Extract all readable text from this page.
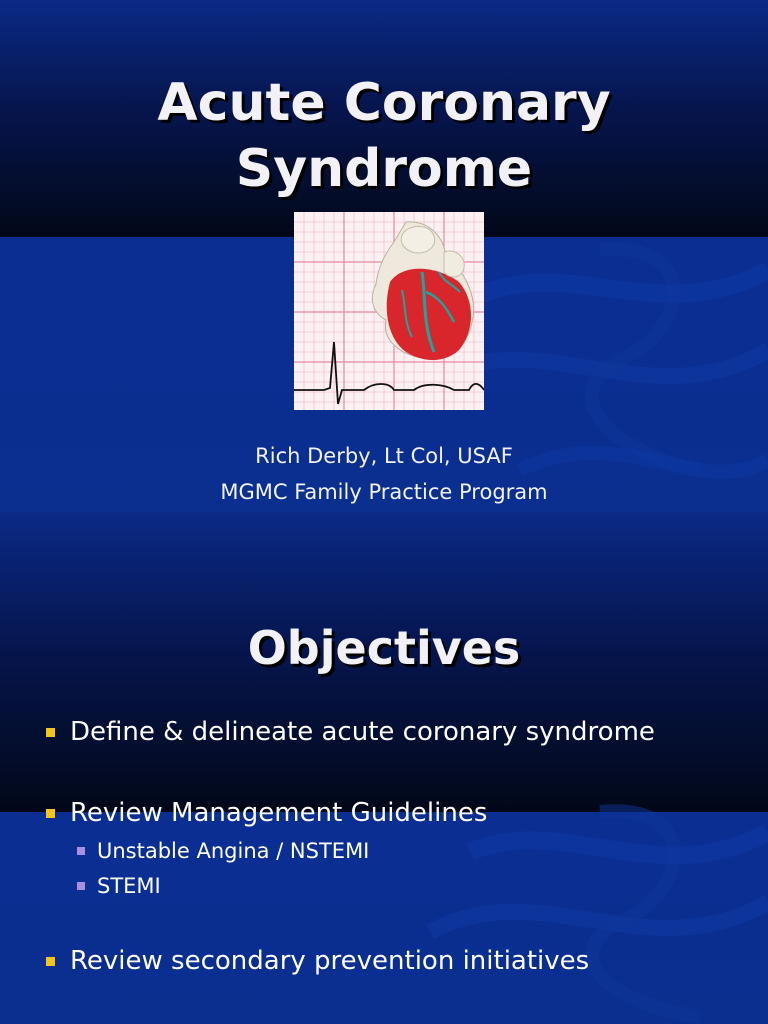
Acute Coronary
Syndrome
Rich Derby, Lt Col, USAF
MGMC Family Practice Program
Objectives
Define & delineate acute coronary syndrome
Review Management Guidelines
Unstable Angina / NSTEMI
STEMI
Review secondary prevention initiatives
